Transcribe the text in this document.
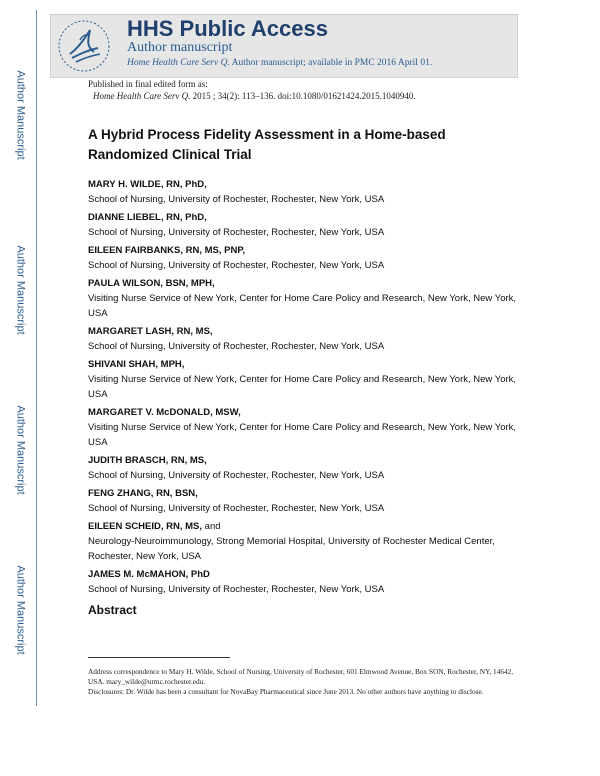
Author Manuscript
Author Manuscript
Author Manuscript
Author Manuscript
HHS Public Access
Author manuscript
Home Health Care Serv Q. Author manuscript; available in PMC 2016 April 01.
Published in final edited form as:
Home Health Care Serv Q. 2015 ; 34(2): 113–136. doi:10.1080/01621424.2015.1040940.
A Hybrid Process Fidelity Assessment in a Home-based Randomized Clinical Trial
MARY H. WILDE, RN, PhD,
School of Nursing, University of Rochester, Rochester, New York, USA
DIANNE LIEBEL, RN, PhD,
School of Nursing, University of Rochester, Rochester, New York, USA
EILEEN FAIRBANKS, RN, MS, PNP,
School of Nursing, University of Rochester, Rochester, New York, USA
PAULA WILSON, BSN, MPH,
Visiting Nurse Service of New York, Center for Home Care Policy and Research, New York, New York, USA
MARGARET LASH, RN, MS,
School of Nursing, University of Rochester, Rochester, New York, USA
SHIVANI SHAH, MPH,
Visiting Nurse Service of New York, Center for Home Care Policy and Research, New York, New York, USA
MARGARET V. McDONALD, MSW,
Visiting Nurse Service of New York, Center for Home Care Policy and Research, New York, New York, USA
JUDITH BRASCH, RN, MS,
School of Nursing, University of Rochester, Rochester, New York, USA
FENG ZHANG, RN, BSN,
School of Nursing, University of Rochester, Rochester, New York, USA
EILEEN SCHEID, RN, MS, and
Neurology-Neuroimmunology, Strong Memorial Hospital, University of Rochester Medical Center, Rochester, New York, USA
JAMES M. McMAHON, PhD
School of Nursing, University of Rochester, Rochester, New York, USA
Abstract
Address correspondence to Mary H. Wilde, School of Nursing, University of Rochester, 601 Elmwood Avenue, Box SON, Rochester, NY, 14642, USA. mary_wilde@urmc.rochester.edu.
Disclosures: Dr. Wilde has been a consultant for NovaBay Pharmaceutical since June 2013. No other authors have anything to disclose.
